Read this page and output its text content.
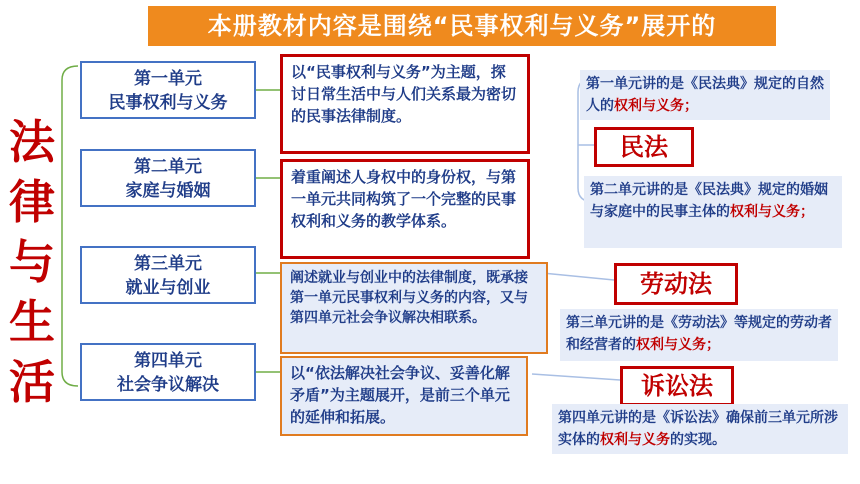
本册教材内容是围绕“民事权利与义务”展开的
法
律
与
生
活
第一单元
民事权利与义务
第二单元
家庭与婚姻
第三单元
就业与创业
第四单元
社会争议解决
以“民事权利与义务”为主题，探讨日常生活中与人们关系最为密切的民事法律制度。
着重阐述人身权中的身份权，与第一单元共同构筑了一个完整的民事权利和义务的教学体系。
阐述就业与创业中的法律制度，既承接第一单元民事权利与义务的内容，又与第四单元社会争议解决相联系。
以“依法解决社会争议、妥善化解矛盾”为主题展开，是前三个单元的延伸和拓展。
民法
劳动法
诉讼法
第一单元讲的是《民法典》规定的自然人的权利与义务；
第二单元讲的是《民法典》规定的婚姻与家庭中的民事主体的权利与义务；
第三单元讲的是《劳动法》等规定的劳动者和经营者的权利与义务；
第四单元讲的是《诉讼法》确保前三单元所涉实体的权利与义务的实现。
